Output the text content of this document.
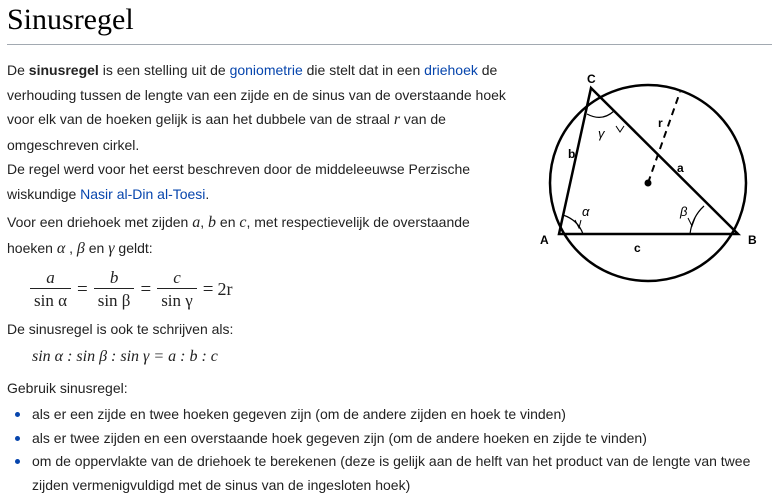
Sinusregel
De sinusregel is een stelling uit de goniometrie die stelt dat in een driehoek de verhouding tussen de lengte van een zijde en de sinus van de overstaande hoek voor elk van de hoeken gelijk is aan het dubbele van de straal r van de omgeschreven cirkel.
De regel werd voor het eerst beschreven door de middeleeuwse Perzische wiskundige Nasir al-Din al-Toesi.
Voor een driehoek met zijden a, b en c, met respectievelijk de overstaande hoeken α , β en γ geldt:
$\frac{a}{\text{sin α}} = \frac{b}{\text{sin β}} = \frac{c}{\text{sin γ}} = 2r$
De sinusregel is ook te schrijven als:
sin α : sin β : sin γ = a : b : c
Gebruik sinusregel:
als er een zijde en twee hoeken gegeven zijn (om de andere zijden en hoek te vinden)
als er twee zijden en een overstaande hoek gegeven zijn (om de andere hoeken en zijde te vinden)
om de oppervlakte van de driehoek te berekenen (deze is gelijk aan de helft van het product van de lengte van twee zijden vermenigvuldigd met de sinus van de ingesloten hoek)
A	B
C
a
b
c
α	β
γ
r
